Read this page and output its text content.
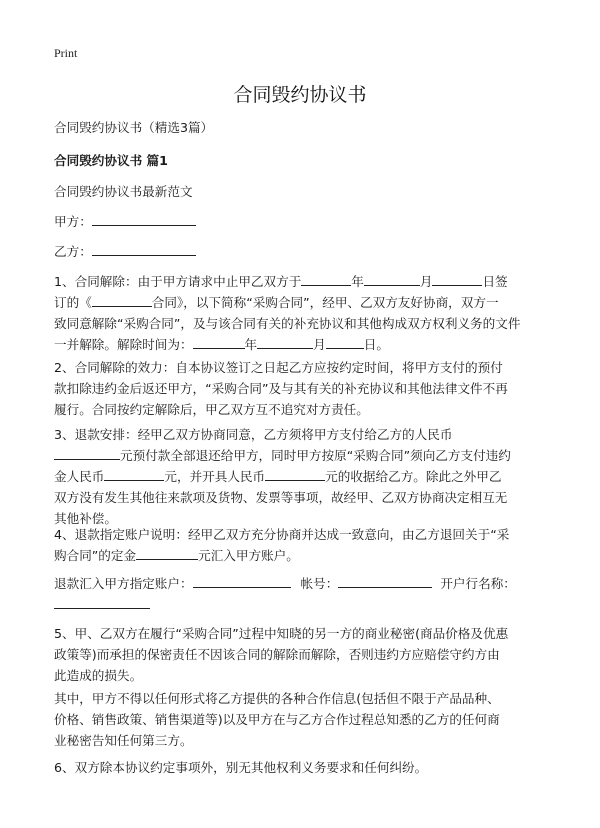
Print
合同毁约协议书
合同毁约协议书（精选3篇）
合同毁约协议书 篇1
合同毁约协议书最新范文
甲方：
乙方：
1、合同解除：由于甲方请求中止甲乙双方于	年	月	日签
订的《	合同》，以下简称“采购合同”，经甲、乙双方友好协商，双方一
致同意解除“采购合同”，及与该合同有关的补充协议和其他构成双方权利义务的文件
一并解除。解除时间为：	年	月	日。
2、合同解除的效力：自本协议签订之日起乙方应按约定时间，将甲方支付的预付
款扣除违约金后返还甲方，“采购合同”及与其有关的补充协议和其他法律文件不再
履行。合同按约定解除后，甲乙双方互不追究对方责任。
3、退款安排：经甲乙双方协商同意，乙方须将甲方支付给乙方的人民币
元预付款全部退还给甲方，同时甲方按原“采购合同”须向乙方支付违约
金人民币	元，并开具人民币	元的收据给乙方。除此之外甲乙
双方没有发生其他往来款项及货物、发票等事项，故经甲、乙双方协商决定相互无
其他补偿。
4、退款指定账户说明：经甲乙双方充分协商并达成一致意向，由乙方退回关于“采
购合同”的定金	元汇入甲方账户。
退款汇入甲方指定账户：	帐号：	开户行名称：
5、甲、乙双方在履行“采购合同”过程中知晓的另一方的商业秘密(商品价格及优惠
政策等)而承担的保密责任不因该合同的解除而解除，否则违约方应赔偿守约方由
此造成的损失。
其中，甲方不得以任何形式将乙方提供的各种合作信息(包括但不限于产品品种、
价格、销售政策、销售渠道等)以及甲方在与乙方合作过程总知悉的乙方的任何商
业秘密告知任何第三方。
6、双方除本协议约定事项外，别无其他权利义务要求和任何纠纷。
